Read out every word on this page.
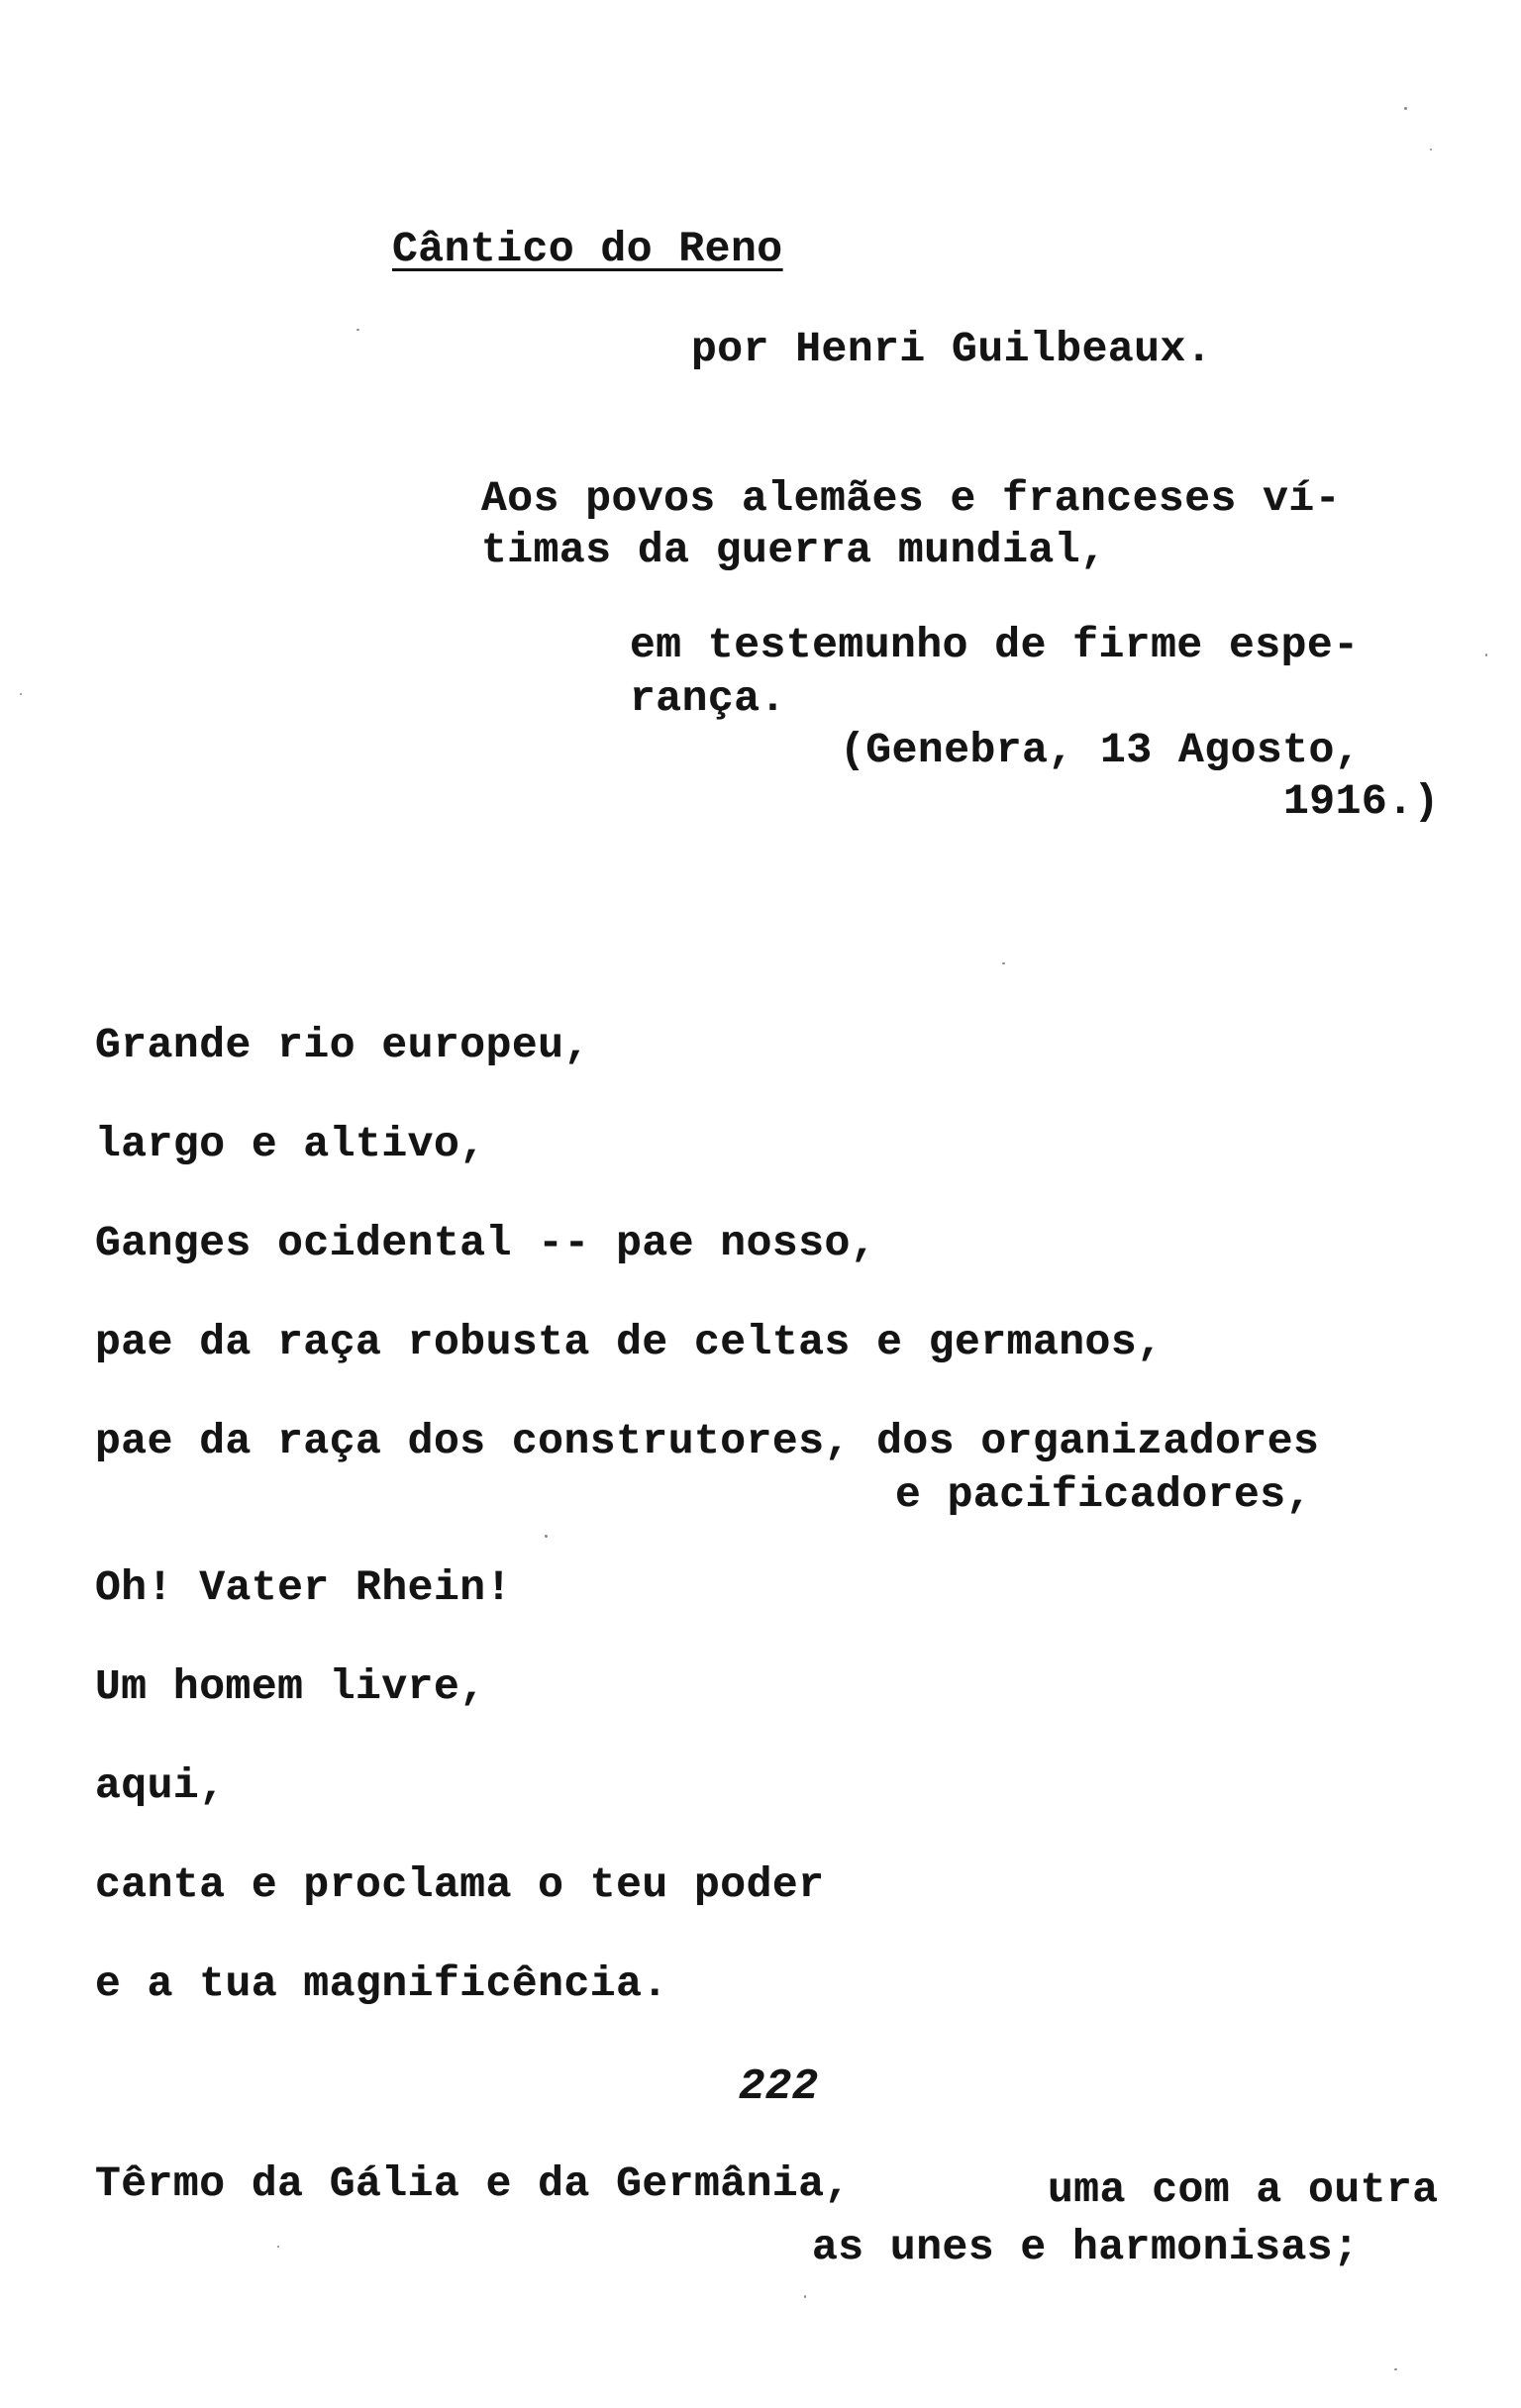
Cântico do Reno
por Henri Guilbeaux.
Aos povos alemães e franceses ví-
timas da guerra mundial,
em testemunho de firme espe-
rança.
(Genebra, 13 Agosto,
1916.)
Grande rio europeu,
largo e altivo,
Ganges ocidental -- pae nosso,
pae da raça robusta de celtas e germanos,
pae da raça dos construtores, dos organizadores
e pacificadores,
Oh! Vater Rhein!
Um homem livre,
aqui,
canta e proclama o teu poder
e a tua magnificência.
222
Têrmo da Gália e da Germânia,	uma com a outra
as unes e harmonisas;
